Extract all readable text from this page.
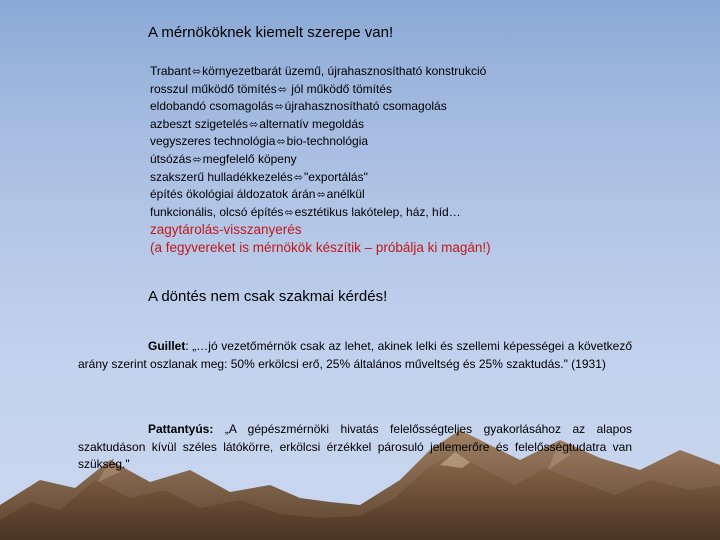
A mérnököknek kiemelt szerepe van!
Trabant⬄környezetbarát üzemű, újrahasznosítható konstrukció
rosszul működő tömítés⬄ jól működő tömítés
eldobandó csomagolás⬄újrahasznosítható csomagolás
azbeszt szigetelés⬄alternatív megoldás
vegyszeres technológia⬄bio-technológia
útsózás⬄megfelelő köpeny
szakszerű hulladékkezelés⬄"exportálás"
építés ökológiai áldozatok árán⬄anélkül
funkcionális, olcsó építés⬄esztétikus lakótelep, ház, híd…
zagytárolás-visszanyerés
(a fegyvereket is mérnökök készítik – próbálja ki magán!)
A döntés nem csak szakmai kérdés!

Guillet: „…jó vezetőmérnök csak az lehet, akinek lelki és szellemi képességei a következő arány szerint oszlanak meg: 50% erkölcsi erő, 25% általános műveltség és 25% szaktudás." (1931)

Pattantyús: „A gépészmérnöki hivatás felelősségteljes gyakorlásához az alapos szaktudáson kívül széles látókörre, erkölcsi érzékkel párosuló jellemerőre és felelősségtudatra van szükség."
